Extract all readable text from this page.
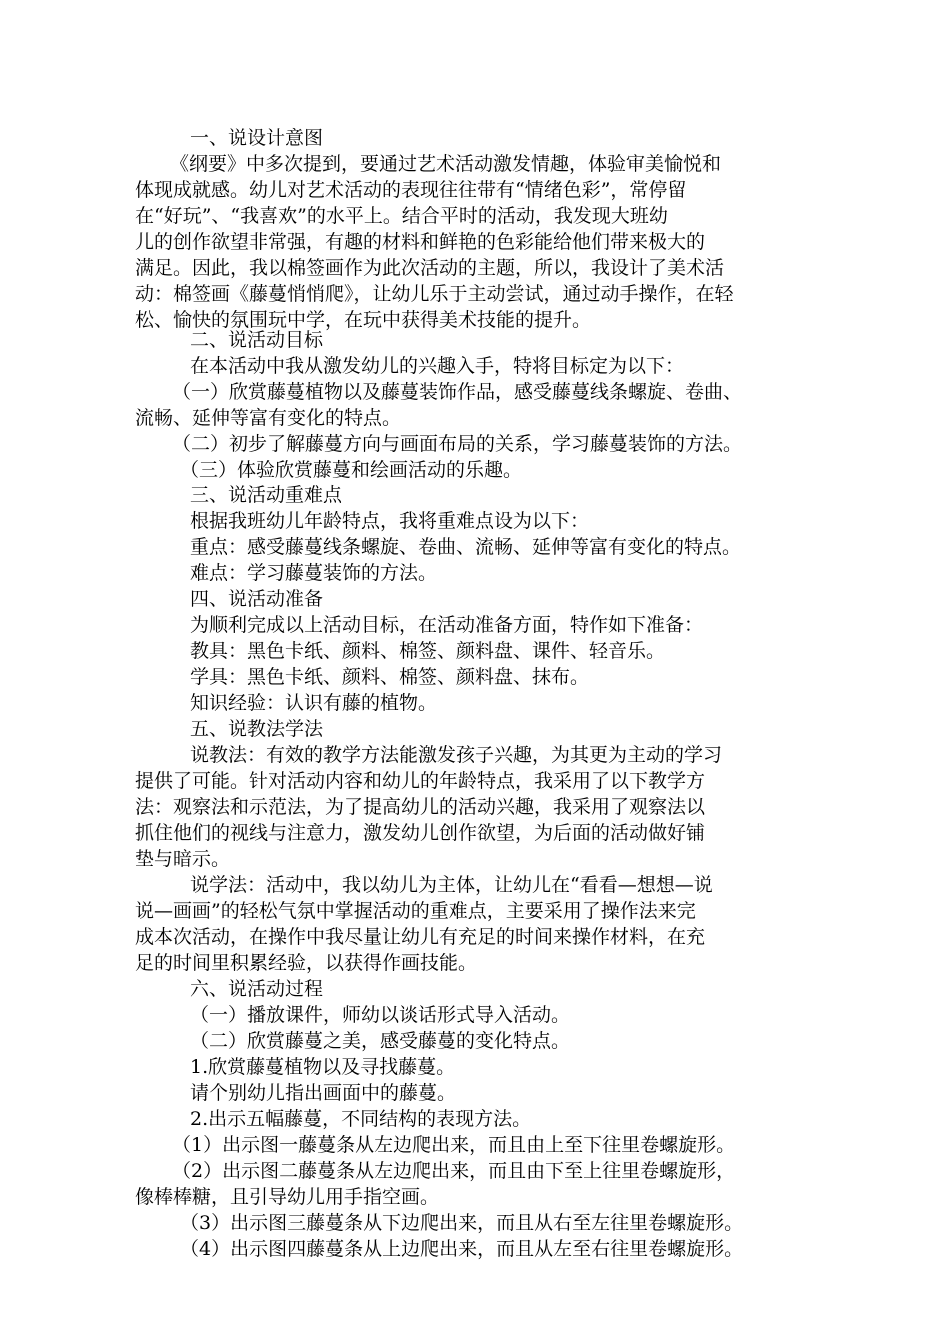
一、说设计意图
《纲要》中多次提到，要通过艺术活动激发情趣，体验审美愉悦和
体现成就感。幼儿对艺术活动的表现往往带有“情绪色彩”，常停留
在“好玩”、“我喜欢”的水平上。结合平时的活动，我发现大班幼
儿的创作欲望非常强，有趣的材料和鲜艳的色彩能给他们带来极大的
满足。因此，我以棉签画作为此次活动的主题，所以，我设计了美术活
动：棉签画《藤蔓悄悄爬》，让幼儿乐于主动尝试，通过动手操作，在轻
松、愉快的氛围玩中学，在玩中获得美术技能的提升。
二、说活动目标
在本活动中我从激发幼儿的兴趣入手，特将目标定为以下：
（一）欣赏藤蔓植物以及藤蔓装饰作品，感受藤蔓线条螺旋、卷曲、
流畅、延伸等富有变化的特点。
（二）初步了解藤蔓方向与画面布局的关系，学习藤蔓装饰的方法。
（三）体验欣赏藤蔓和绘画活动的乐趣。
三、说活动重难点
根据我班幼儿年龄特点，我将重难点设为以下：
重点：感受藤蔓线条螺旋、卷曲、流畅、延伸等富有变化的特点。
难点：学习藤蔓装饰的方法。
四、说活动准备
为顺利完成以上活动目标，在活动准备方面，特作如下准备：
教具：黑色卡纸、颜料、棉签、颜料盘、课件、轻音乐。
学具：黑色卡纸、颜料、棉签、颜料盘、抹布。
知识经验：认识有藤的植物。
五、说教法学法
说教法：有效的教学方法能激发孩子兴趣，为其更为主动的学习
提供了可能。针对活动内容和幼儿的年龄特点，我采用了以下教学方
法：观察法和示范法，为了提高幼儿的活动兴趣，我采用了观察法以
抓住他们的视线与注意力，激发幼儿创作欲望，为后面的活动做好铺
垫与暗示。
说学法：活动中，我以幼儿为主体，让幼儿在“看看—想想—说
说—画画”的轻松气氛中掌握活动的重难点，主要采用了操作法来完
成本次活动，在操作中我尽量让幼儿有充足的时间来操作材料，在充
足的时间里积累经验，以获得作画技能。
六、说活动过程
（一）播放课件，师幼以谈话形式导入活动。
（二）欣赏藤蔓之美，感受藤蔓的变化特点。
1.欣赏藤蔓植物以及寻找藤蔓。
请个别幼儿指出画面中的藤蔓。
2.出示五幅藤蔓，不同结构的表现方法。
（1）出示图一藤蔓条从左边爬出来，而且由上至下往里卷螺旋形。
（2）出示图二藤蔓条从左边爬出来，而且由下至上往里卷螺旋形，
像棒棒糖，且引导幼儿用手指空画。
（3）出示图三藤蔓条从下边爬出来，而且从右至左往里卷螺旋形。
（4）出示图四藤蔓条从上边爬出来，而且从左至右往里卷螺旋形。
